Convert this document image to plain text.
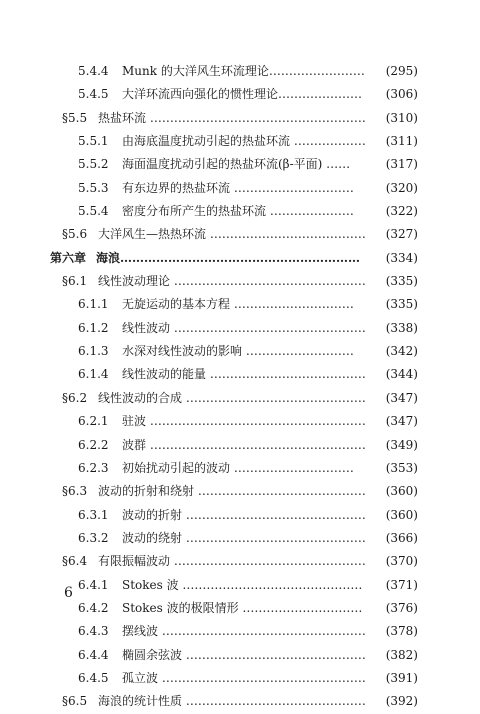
5.4.4 Munk 的大洋风生环流理论……………………	(295)
5.4.5 大洋环流西向强化的惯性理论…………………	(306)
§5.5 热盐环流 ………………………………………………	(310)
5.5.1 由海底温度扰动引起的热盐环流 ………………	(311)
5.5.2 海面温度扰动引起的热盐环流(β-平面) ……	(317)
5.5.3 有东边界的热盐环流 …………………………	(320)
5.5.4 密度分布所产生的热盐环流 …………………	(322)
§5.6 大洋风生—热热环流 …………………………………	(327)
第六章 海浪……………………………………………………	(334)
§6.1 线性波动理论 …………………………………………	(335)
6.1.1 无旋运动的基本方程 …………………………	(335)
6.1.2 线性波动 …………………………………………	(338)
6.1.3 水深对线性波动的影响 ………………………	(342)
6.1.4 线性波动的能量 …………………………………	(344)
§6.2 线性波动的合成 ………………………………………	(347)
6.2.1 驻波 ………………………………………………	(347)
6.2.2 波群 ………………………………………………	(349)
6.2.3 初始扰动引起的波动 …………………………	(353)
§6.3 波动的折射和绕射 ……………………………………	(360)
6.3.1 波动的折射 ………………………………………	(360)
6.3.2 波动的绕射 ………………………………………	(366)
§6.4 有限振幅波动 …………………………………………	(370)
6.4.1 Stokes 波 ………………………………………	(371)
6.4.2 Stokes 波的极限情形 …………………………	(376)
6.4.3 摆线波 ……………………………………………	(378)
6.4.4 椭圆余弦波 ………………………………………	(382)
6.4.5 孤立波 ……………………………………………	(391)
§6.5 海浪的统计性质 ………………………………………	(392)
6
